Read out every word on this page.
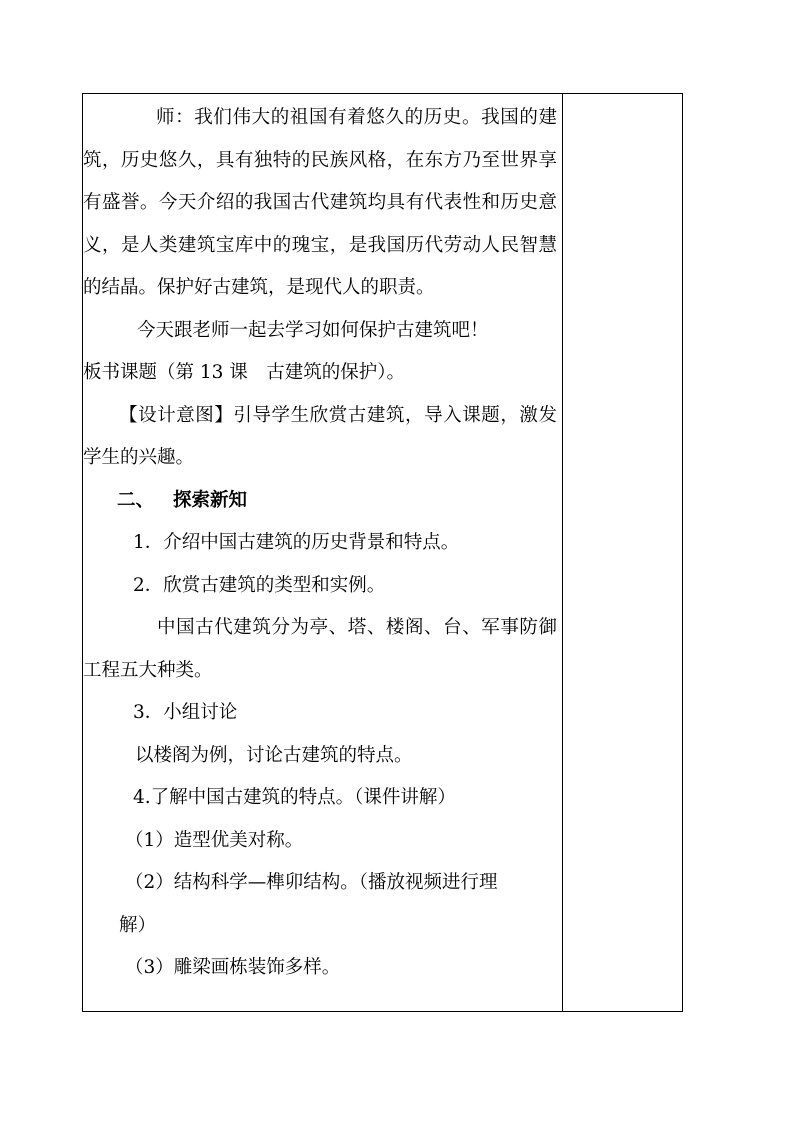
师：我们伟大的祖国有着悠久的历史。我国的建筑，历史悠久，具有独特的民族风格，在东方乃至世界享有盛誉。今天介绍的我国古代建筑均具有代表性和历史意义，是人类建筑宝库中的瑰宝，是我国历代劳动人民智慧的结晶。保护好古建筑，是现代人的职责。

今天跟老师一起去学习如何保护古建筑吧！

板书课题（第 13 课　古建筑的保护）。

【设计意图】引导学生欣赏古建筑，导入课题，激发学生的兴趣。

二、 探索新知

1．介绍中国古建筑的历史背景和特点。

2．欣赏古建筑的类型和实例。

中国古代建筑分为亭、塔、楼阁、台、军事防御工程五大种类。

3．小组讨论

以楼阁为例，讨论古建筑的特点。

4.了解中国古建筑的特点。（课件讲解）

（1）造型优美对称。

（2）结构科学—榫卯结构。（播放视频进行理

解）

（3）雕梁画栋装饰多样。
